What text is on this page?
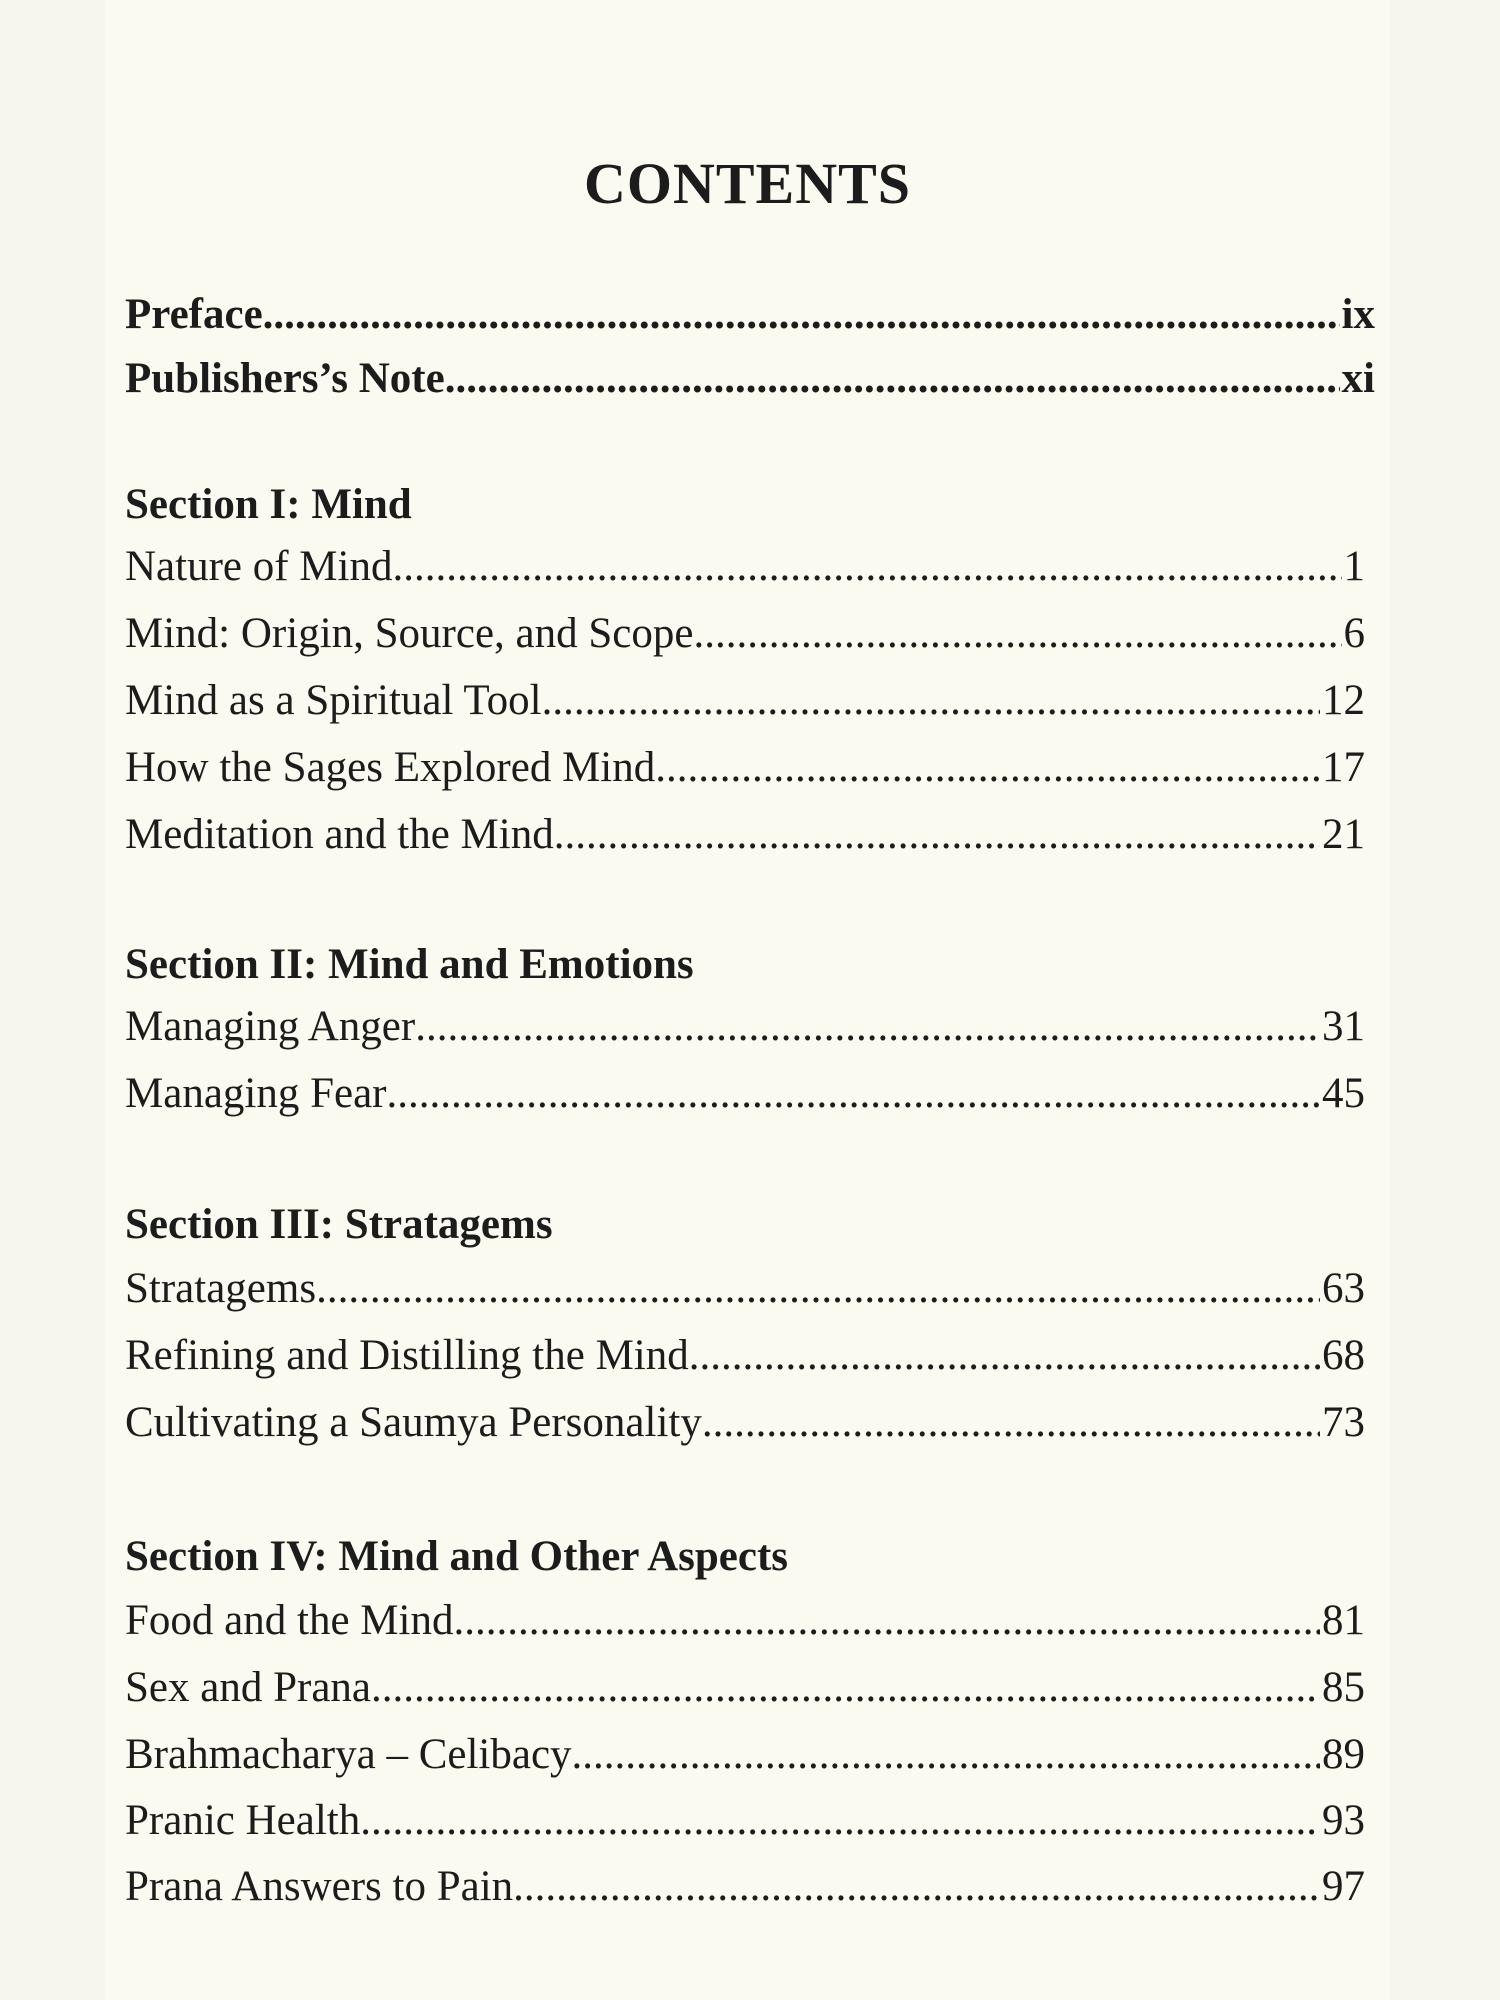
CONTENTS
Preface .....	ix
Publishers’s Note .....	xi
Section I: Mind
Nature of Mind .....	1
Mind: Origin, Source, and Scope .....	6
Mind as a Spiritual Tool .....	12
How the Sages Explored Mind .....	17
Meditation and the Mind .....	21
Section II: Mind and Emotions
Managing Anger .....	31
Managing Fear .....	45
Section III: Stratagems
Stratagems .....	63
Refining and Distilling the Mind .....	68
Cultivating a Saumya Personality .....	73
Section IV: Mind and Other Aspects
Food and the Mind .....	81
Sex and Prana .....	85
Brahmacharya – Celibacy .....	89
Pranic Health .....	93
Prana Answers to Pain .....	97
